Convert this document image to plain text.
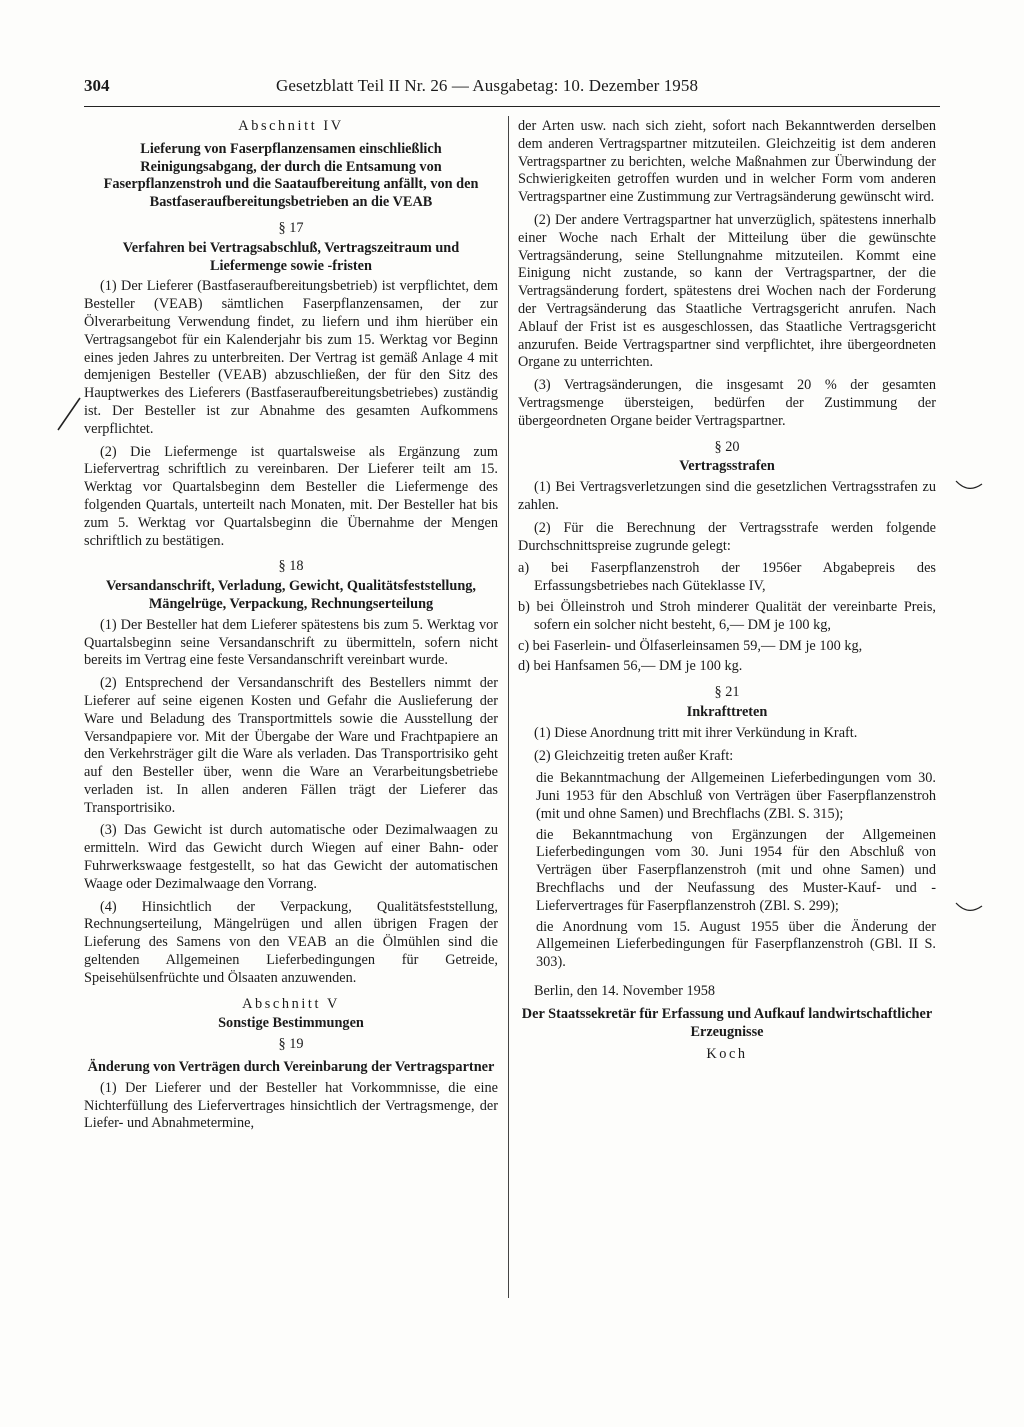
304	Gesetzblatt Teil II Nr. 26 — Ausgabetag: 10. Dezember 1958

Abschnitt IV

Lieferung von Faserpflanzensamen einschließlich Reinigungsabgang, der durch die Entsamung von Faserpflanzenstroh und die Saataufbereitung anfällt, von den Bastfaseraufbereitungsbetrieben an die VEAB

§ 17

Verfahren bei Vertragsabschluß, Vertragszeitraum und Liefermenge sowie -fristen

(1) Der Lieferer (Bastfaseraufbereitungsbetrieb) ist verpflichtet, dem Besteller (VEAB) sämtlichen Faserpflanzensamen, der zur Ölverarbeitung Verwendung findet, zu liefern und ihm hierüber ein Vertragsangebot für ein Kalenderjahr bis zum 15. Werktag vor Beginn eines jeden Jahres zu unterbreiten. Der Vertrag ist gemäß Anlage 4 mit demjenigen Besteller (VEAB) abzuschließen, der für den Sitz des Hauptwerkes des Lieferers (Bastfaseraufbereitungsbetriebes) zuständig ist. Der Besteller ist zur Abnahme des gesamten Aufkommens verpflichtet.

(2) Die Liefermenge ist quartalsweise als Ergänzung zum Liefervertrag schriftlich zu vereinbaren. Der Lieferer teilt am 15. Werktag vor Quartalsbeginn dem Besteller die Liefermenge des folgenden Quartals, unterteilt nach Monaten, mit. Der Besteller hat bis zum 5. Werktag vor Quartalsbeginn die Übernahme der Mengen schriftlich zu bestätigen.

§ 18

Versandanschrift, Verladung, Gewicht, Qualitätsfeststellung, Mängelrüge, Verpackung, Rechnungserteilung

(1) Der Besteller hat dem Lieferer spätestens bis zum 5. Werktag vor Quartalsbeginn seine Versandanschrift zu übermitteln, sofern nicht bereits im Vertrag eine feste Versandanschrift vereinbart wurde.

(2) Entsprechend der Versandanschrift des Bestellers nimmt der Lieferer auf seine eigenen Kosten und Gefahr die Auslieferung der Ware und Beladung des Transportmittels sowie die Ausstellung der Versandpapiere vor. Mit der Übergabe der Ware und Frachtpapiere an den Verkehrsträger gilt die Ware als verladen. Das Transportrisiko geht auf den Besteller über, wenn die Ware an Verarbeitungsbetriebe verladen ist. In allen anderen Fällen trägt der Lieferer das Transportrisiko.

(3) Das Gewicht ist durch automatische oder Dezimalwaagen zu ermitteln. Wird das Gewicht durch Wiegen auf einer Bahn- oder Fuhrwerkswaage festgestellt, so hat das Gewicht der automatischen Waage oder Dezimalwaage den Vorrang.

(4) Hinsichtlich der Verpackung, Qualitätsfeststellung, Rechnungserteilung, Mängelrügen und allen übrigen Fragen der Lieferung des Samens von den VEAB an die Ölmühlen sind die geltenden Allgemeinen Lieferbedingungen für Getreide, Speisehülsenfrüchte und Ölsaaten anzuwenden.

Abschnitt V

Sonstige Bestimmungen

§ 19

Änderung von Verträgen durch Vereinbarung der Vertragspartner

(1) Der Lieferer und der Besteller hat Vorkommnisse, die eine Nichterfüllung des Liefervertrages hinsichtlich der Vertragsmenge, der Liefer- und Abnahmetermine,

der Arten usw. nach sich zieht, sofort nach Bekanntwerden derselben dem anderen Vertragspartner mitzuteilen. Gleichzeitig ist dem anderen Vertragspartner zu berichten, welche Maßnahmen zur Überwindung der Schwierigkeiten getroffen wurden und in welcher Form vom anderen Vertragspartner eine Zustimmung zur Vertragsänderung gewünscht wird.

(2) Der andere Vertragspartner hat unverzüglich, spätestens innerhalb einer Woche nach Erhalt der Mitteilung über die gewünschte Vertragsänderung, seine Stellungnahme mitzuteilen. Kommt eine Einigung nicht zustande, so kann der Vertragspartner, der die Vertragsänderung fordert, spätestens drei Wochen nach der Forderung der Vertragsänderung das Staatliche Vertragsgericht anrufen. Nach Ablauf der Frist ist es ausgeschlossen, das Staatliche Vertragsgericht anzurufen. Beide Vertragspartner sind verpflichtet, ihre übergeordneten Organe zu unterrichten.

(3) Vertragsänderungen, die insgesamt 20 % der gesamten Vertragsmenge übersteigen, bedürfen der Zustimmung der übergeordneten Organe beider Vertragspartner.

§ 20

Vertragsstrafen

(1) Bei Vertragsverletzungen sind die gesetzlichen Vertragsstrafen zu zahlen.

(2) Für die Berechnung der Vertragsstrafe werden folgende Durchschnittspreise zugrunde gelegt:

a) bei Faserpflanzenstroh der 1956er Abgabepreis des Erfassungsbetriebes nach Güteklasse IV,

b) bei Ölleinstroh und Stroh minderer Qualität der vereinbarte Preis, sofern ein solcher nicht besteht, 6,— DM je 100 kg,

c) bei Faserlein- und Ölfaserleinsamen 59,— DM je 100 kg,

d) bei Hanfsamen 56,— DM je 100 kg.

§ 21

Inkrafttreten

(1) Diese Anordnung tritt mit ihrer Verkündung in Kraft.

(2) Gleichzeitig treten außer Kraft:

die Bekanntmachung der Allgemeinen Lieferbedingungen vom 30. Juni 1953 für den Abschluß von Verträgen über Faserpflanzenstroh (mit und ohne Samen) und Brechflachs (ZBl. S. 315);

die Bekanntmachung von Ergänzungen der Allgemeinen Lieferbedingungen vom 30. Juni 1954 für den Abschluß von Verträgen über Faserpflanzenstroh (mit und ohne Samen) und Brechflachs und der Neufassung des Muster-Kauf- und -Liefervertrages für Faserpflanzenstroh (ZBl. S. 299);

die Anordnung vom 15. August 1955 über die Änderung der Allgemeinen Lieferbedingungen für Faserpflanzenstroh (GBl. II S. 303).

Berlin, den 14. November 1958

Der Staatssekretär für Erfassung und Aufkauf landwirtschaftlicher Erzeugnisse

Koch
